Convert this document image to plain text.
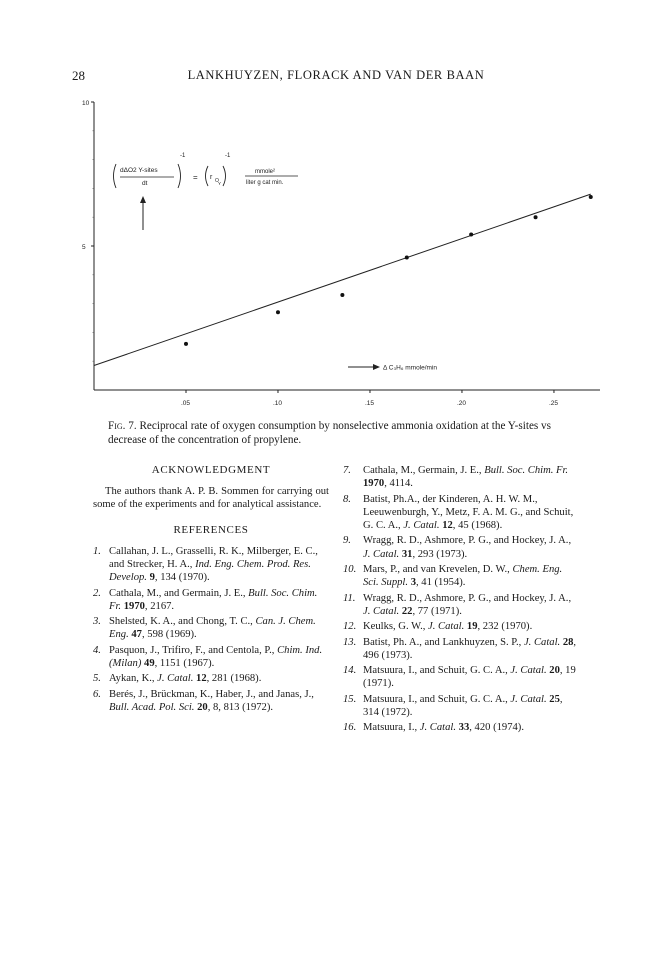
28	LANKHUYZEN, FLORACK AND VAN DER BAAN
.05	.10	.15	.20	.25
5
10
dΔO2 Y-sites
dt
-1
= r O Y
-1
mmole²
liter g cat min.
Δ C₃H₆ mmole/min
Fig. 7. Reciprocal rate of oxygen consumption by nonselective ammonia oxidation at the Y-sites vs decrease of the concentration of propylene.
ACKNOWLEDGMENT

The authors thank A. P. B. Sommen for carrying out some of the experiments and for analytical assistance.

REFERENCES

1. Callahan, J. L., Grasselli, R. K., Milberger, E. C., and Strecker, H. A., Ind. Eng. Chem. Prod. Res. Develop. 9, 134 (1970).

2. Cathala, M., and Germain, J. E., Bull. Soc. Chim. Fr. 1970, 2167.

3. Shelsted, K. A., and Chong, T. C., Can. J. Chem. Eng. 47, 598 (1969).

4. Pasquon, J., Trifiro, F., and Centola, P., Chim. Ind. (Milan) 49, 1151 (1967).

5. Aykan, K., J. Catal. 12, 281 (1968).

6. Berés, J., Brückman, K., Haber, J., and Janas, J., Bull. Acad. Pol. Sci. 20, 8, 813 (1972).

7. Cathala, M., Germain, J. E., Bull. Soc. Chim. Fr. 1970, 4114.

8. Batist, Ph.A., der Kinderen, A. H. W. M., Leeuwenburgh, Y., Metz, F. A. M. G., and Schuit, G. C. A., J. Catal. 12, 45 (1968).

9. Wragg, R. D., Ashmore, P. G., and Hockey, J. A., J. Catal. 31, 293 (1973).

10. Mars, P., and van Krevelen, D. W., Chem. Eng. Sci. Suppl. 3, 41 (1954).

11. Wragg, R. D., Ashmore, P. G., and Hockey, J. A., J. Catal. 22, 77 (1971).

12. Keulks, G. W., J. Catal. 19, 232 (1970).

13. Batist, Ph. A., and Lankhuyzen, S. P., J. Catal. 28, 496 (1973).

14. Matsuura, I., and Schuit, G. C. A., J. Catal. 20, 19 (1971).

15. Matsuura, I., and Schuit, G. C. A., J. Catal. 25, 314 (1972).

16. Matsuura, I., J. Catal. 33, 420 (1974).
